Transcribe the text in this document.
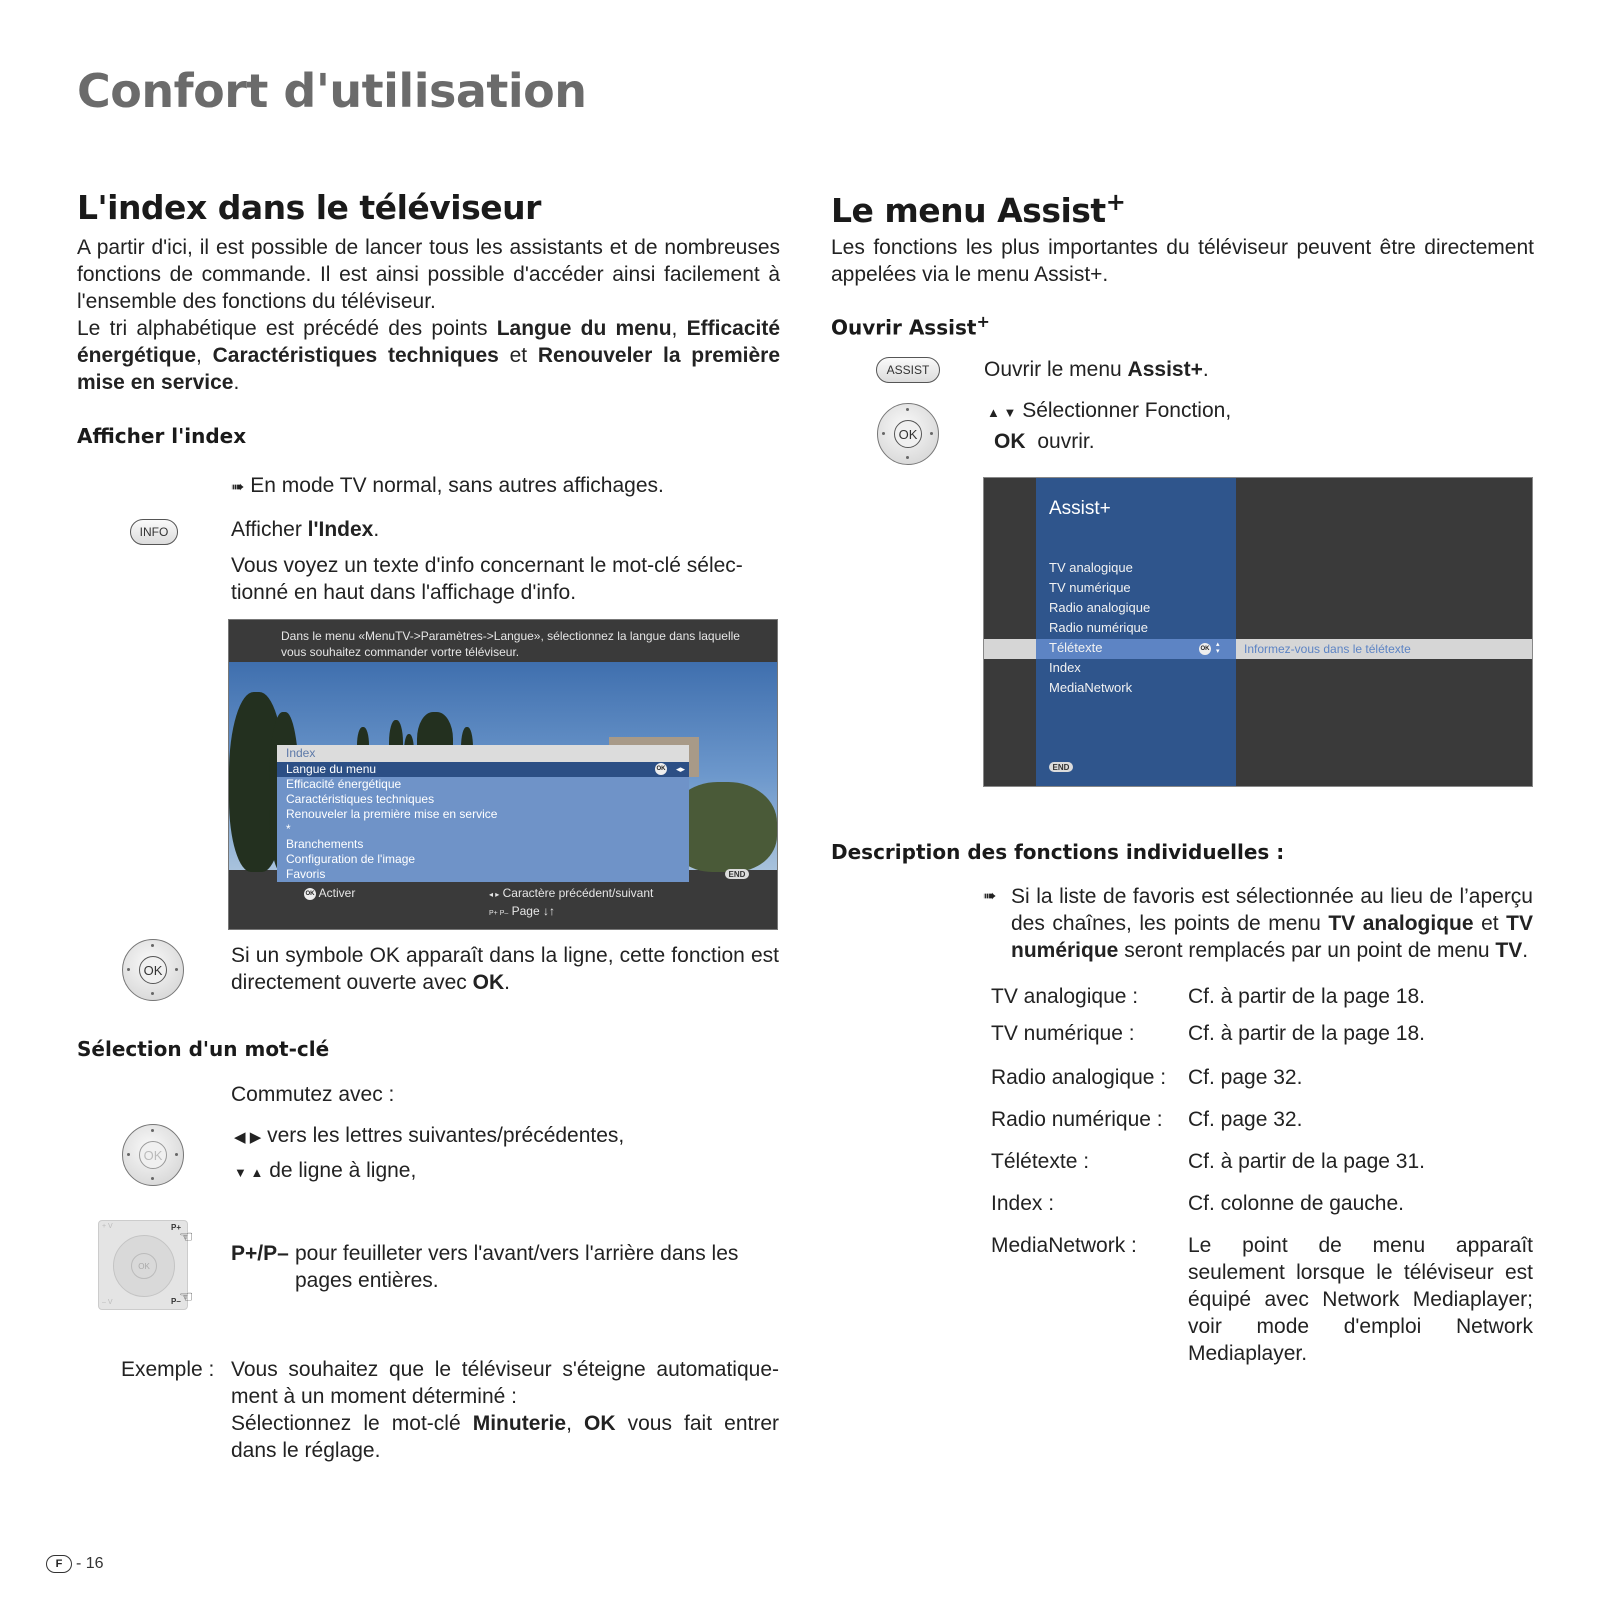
Confort d'utilisation
L'index dans le téléviseur
A partir d'ici, il est possible de lancer tous les assistants et de nombreuses fonctions de commande. Il est ainsi possible d'accéder ainsi facilement à l'ensemble des fonctions du téléviseur.
Le tri alphabétique est précédé des points Langue du menu, Efficacité énergétique, Caractéristiques techniques et Renouveler la première mise en service.
Afficher l'index
➠ En mode TV normal, sans autres affichages.
INFO	Afficher l'Index.
Vous voyez un texte d'info concernant le mot-clé sélec- tionné en haut dans l'affichage d'info.
Dans le menu «MenuTV->Paramètres->Langue», sélectionnez la langue dans laquelle vous souhaitez commander vortre téléviseur.
Index
Langue du menu	OK ◂▸
Efficacité énergétique
Caractéristiques techniques
Renouveler la première mise en service
*
Branchements
Configuration de l'image
Favoris	END
OK Activer	◂ ▸ Caractère précédent/suivant
P+ P– Page ↓↑
OK
Si un symbole OK apparaît dans la ligne, cette fonction est directement ouverte avec OK.
Sélection d'un mot-clé
Commutez avec :
OK
◀ ▶ vers les lettres suivantes/précédentes,
▼ ▲ de ligne à ligne,
OK
+ V
– V
P+
P–
☜
☜
P+/P– pour feuilleter vers l'avant/vers l'arrière dans les pages entières.
Exemple : Vous souhaitez que le téléviseur s'éteigne automatique- ment à un moment déterminé :
Sélectionnez le mot-clé Minuterie, OK vous fait entrer dans le réglage.
F - 16
Le menu Assist+
Les fonctions les plus importantes du téléviseur peuvent être directement appelées via le menu Assist+.
Ouvrir Assist+
ASSIST	Ouvrir le menu Assist+.
OK
▲ ▼ Sélectionner Fonction,
OK ouvrir.
Assist+
TV analogique
TV numérique
Radio analogique
Radio numérique
Télétexte
Index
MediaNetwork
OK
▴
▾ Informez-vous dans le télétexte
END
Description des fonctions individuelles :
➠ Si la liste de favoris est sélectionnée au lieu de l’aperçu des chaînes, les points de menu TV analogique et TV numérique seront remplacés par un point de menu TV.
TV analogique : Cf. à partir de la page 18.
TV numérique :	Cf. à partir de la page 18.
Radio analogique : Cf. page 32.
Radio numérique : Cf. page 32.
Télétexte :	Cf. à partir de la page 31.
Index :	Cf. colonne de gauche.
MediaNetwork : Le point de menu apparaît seulement lorsque le téléviseur est équipé avec Network Mediaplayer; voir mode d'emploi Network Mediaplayer.
